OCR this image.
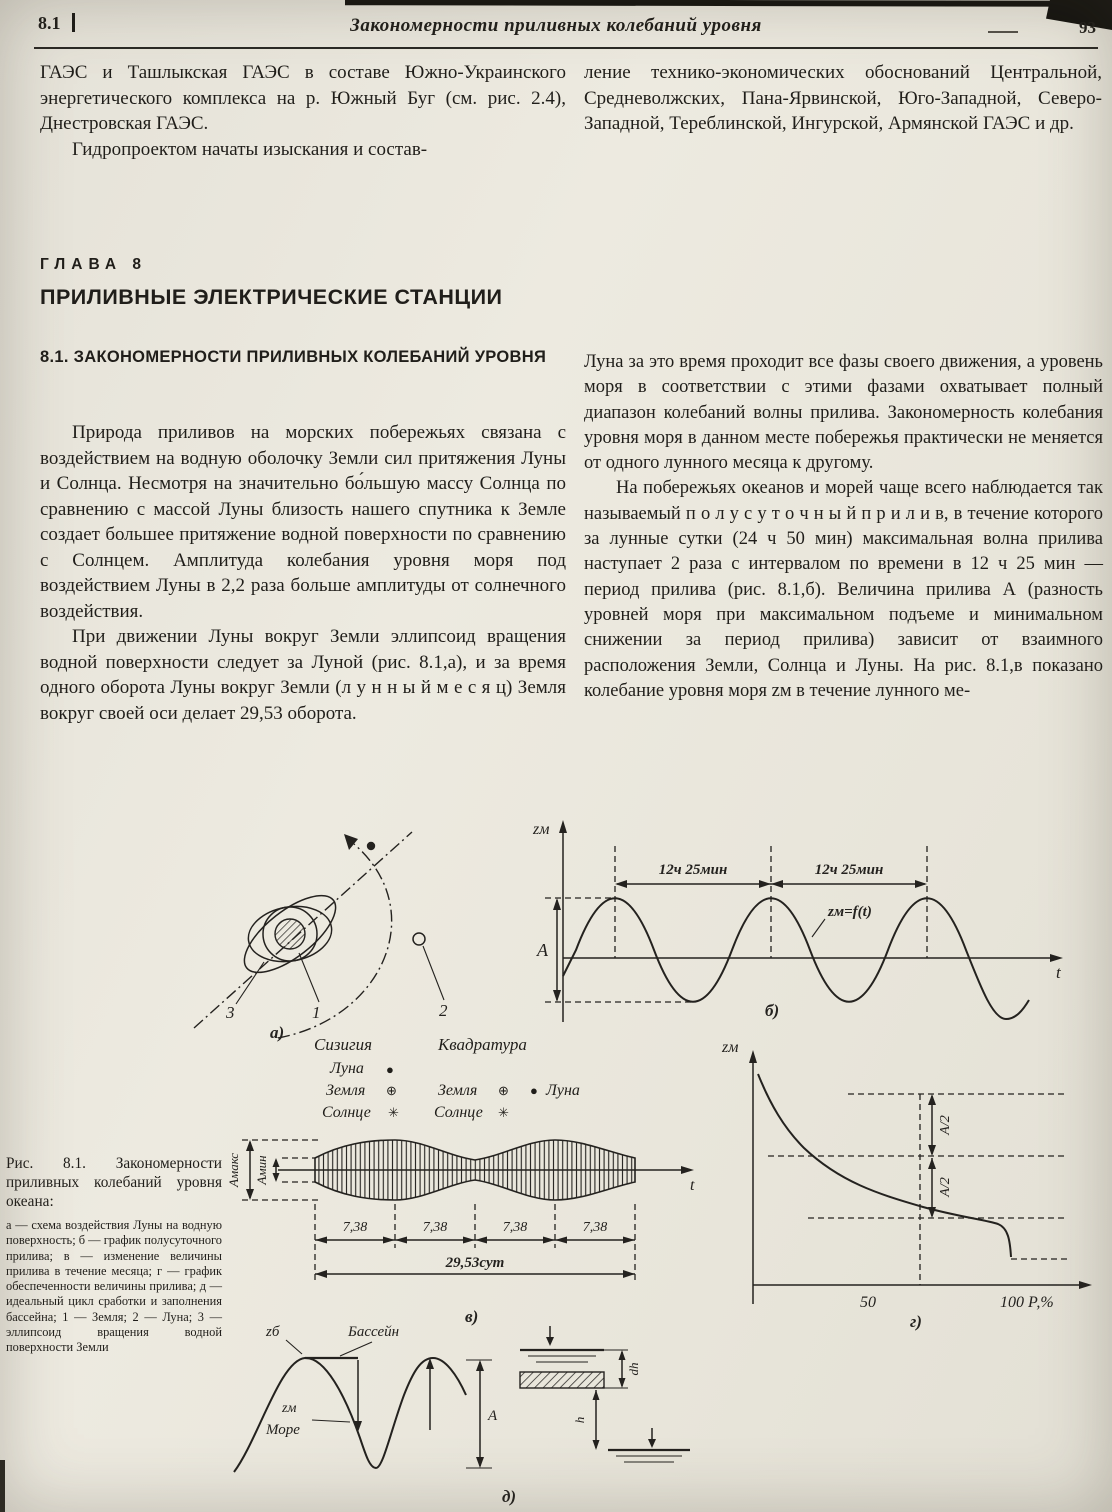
8.1	Закономерности приливных колебаний уровня	93

ГАЭС и Ташлыкская ГАЭС в составе Южно-Украинского энергетического комплекса на р. Южный Буг (см. рис. 2.4), Днестровская ГАЭС.

Гидропроектом начаты изыскания и состав-

ление технико-экономических обоснований Центральной, Средневолжских, Пана-Ярвинской, Юго-Западной, Северо-Западной, Тереблинской, Ингурской, Армянской ГАЭС и др.

ГЛАВА 8
ПРИЛИВНЫЕ ЭЛЕКТРИЧЕСКИЕ СТАНЦИИ
8.1. ЗАКОНОМЕРНОСТИ ПРИЛИВНЫХ КОЛЕБАНИЙ УРОВНЯ

Природа приливов на морских побережьях связана с воздействием на водную оболочку Земли сил притяжения Луны и Солнца. Несмотря на значительно бо́льшую массу Солнца по сравнению с массой Луны близость нашего спутника к Земле создает большее притяжение водной поверхности по сравнению с Солнцем. Амплитуда колебания уровня моря под воздействием Луны в 2,2 раза больше амплитуды от солнечного воздействия.

При движении Луны вокруг Земли эллипсоид вращения водной поверхности следует за Луной (рис. 8.1,а), и за время одного оборота Луны вокруг Земли (л у н н ы й м е с я ц) Земля вокруг своей оси делает 29,53 оборота.

Луна за это время проходит все фазы своего движения, а уровень моря в соответствии с этими фазами охватывает полный диапазон колебаний волны прилива. Закономерность колебания уровня моря в данном месте побережья практически не меняется от одного лунного месяца к другому.

На побережьях океанов и морей чаще всего наблюдается так называемый п о л у с у т о ч н ы й п р и л и в, в течение которого за лунные сутки (24 ч 50 мин) максимальная волна прилива наступает 2 раза с интервалом по времени в 12 ч 25 мин — период прилива (рис. 8.1,б). Величина прилива А (разность уровней моря при максимальном подъеме и минимальном снижении за период прилива) зависит от взаимного расположения Земли, Солнца и Луны. На рис. 8.1,в показано колебание уровня моря zм в течение лунного ме-

3	1	2
а)
zм
t
12ч 25мин	12ч 25мин
А
zм=f(t)
б)
Сизигия	Квадратура
Луна ●
Земля ⊕
Солнце ✳
Земля ⊕ ● Луна
Солнце ✳
t
Амакс Амин
7,38	7,38	7,38	7,38
29,53сут
в)
zм
A/2
A/2
50	100 Р,%
г)
А
zб	Бассейн
zм
Море
д)
dh
h

Рис. 8.1. Закономерности приливных колебаний уровня океана:

а — схема воздействия Луны на водную поверхность; б — график полусуточного прилива; в — изменение величины прилива в течение месяца; г — график обеспеченности величины прилива; д — идеальный цикл сработки и заполнения бассейна; 1 — Земля; 2 — Луна; 3 — эллипсоид вращения водной поверхности Земли
